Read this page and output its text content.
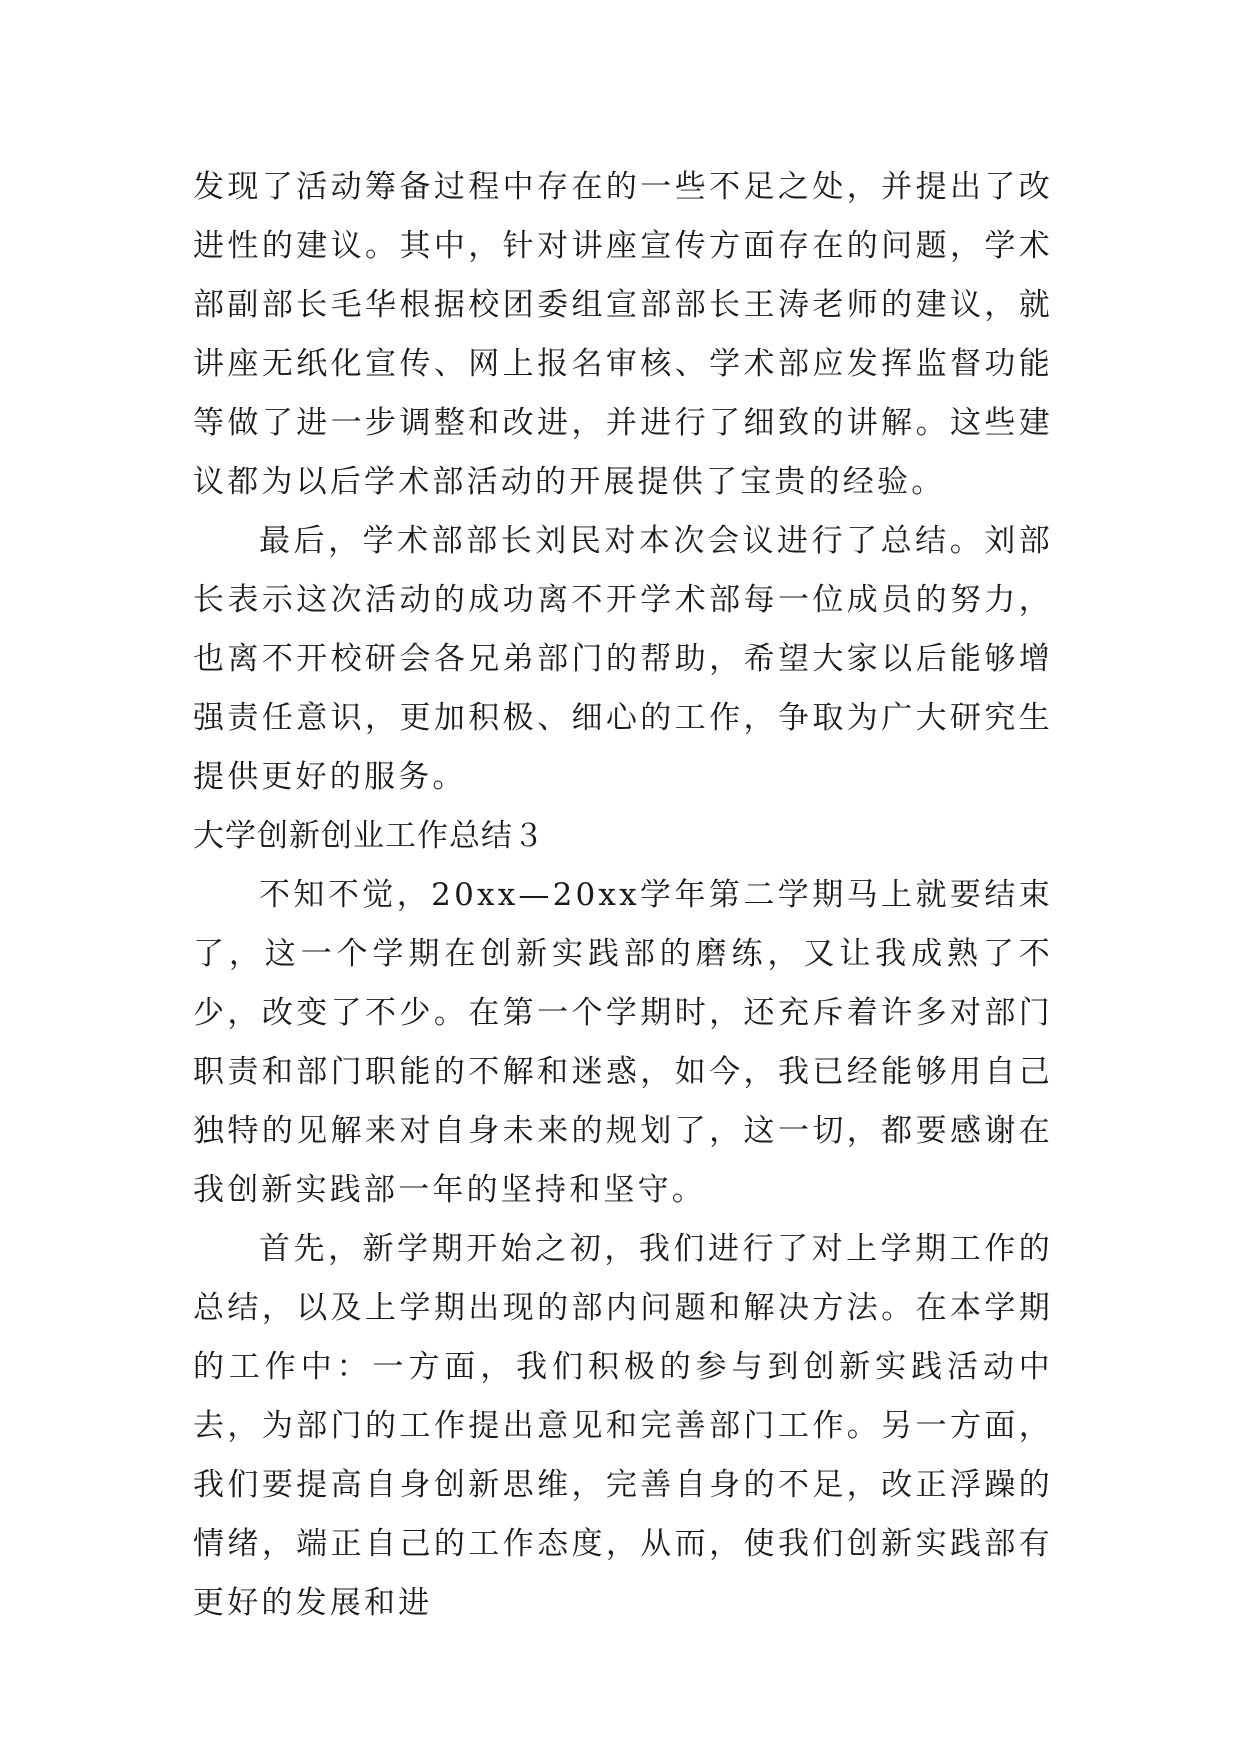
发现了活动筹备过程中存在的一些不足之处，并提出了改进性的建议。其中，针对讲座宣传方面存在的问题，学术部副部长毛华根据校团委组宣部部长王涛老师的建议，就讲座无纸化宣传、网上报名审核、学术部应发挥监督功能等做了进一步调整和改进，并进行了细致的讲解。这些建议都为以后学术部活动的开展提供了宝贵的经验。

最后，学术部部长刘民对本次会议进行了总结。刘部长表示这次活动的成功离不开学术部每一位成员的努力，也离不开校研会各兄弟部门的帮助，希望大家以后能够增强责任意识，更加积极、细心的工作，争取为广大研究生提供更好的服务。

大学创新创业工作总结３

不知不觉，20xx—20xx学年第二学期马上就要结束了，这一个学期在创新实践部的磨练，又让我成熟了不少，改变了不少。在第一个学期时，还充斥着许多对部门职责和部门职能的不解和迷惑，如今，我已经能够用自己独特的见解来对自身未来的规划了，这一切，都要感谢在我创新实践部一年的坚持和坚守。

首先，新学期开始之初，我们进行了对上学期工作的总结，以及上学期出现的部内问题和解决方法。在本学期的工作中：一方面，我们积极的参与到创新实践活动中去，为部门的工作提出意见和完善部门工作。另一方面，我们要提高自身创新思维，完善自身的不足，改正浮躁的情绪，端正自己的工作态度，从而，使我们创新实践部有更好的发展和进
